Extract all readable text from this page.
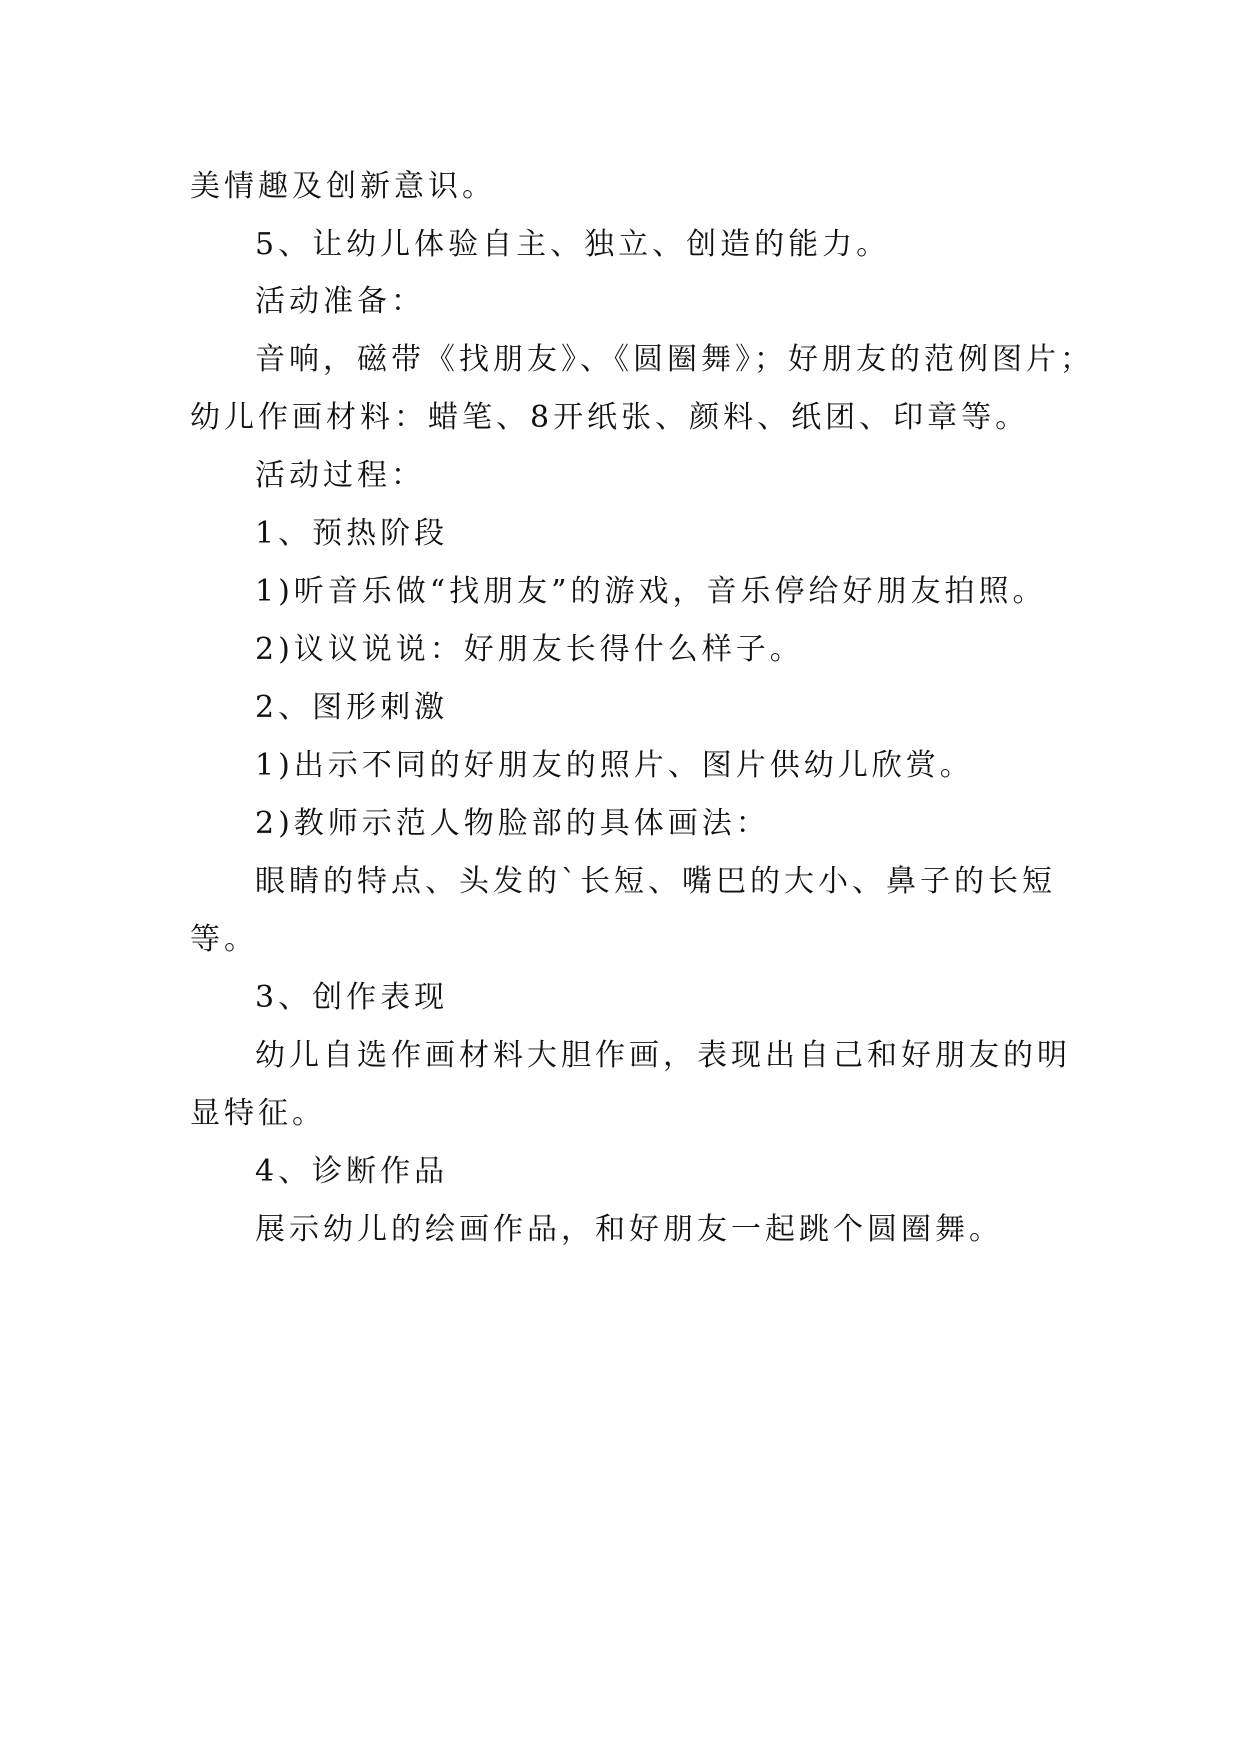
美情趣及创新意识。
5、让幼儿体验自主、独立、创造的能力。
活动准备：
音响，磁带《找朋友》、《圆圈舞》；好朋友的范例图片；
幼儿作画材料：蜡笔、8开纸张、颜料、纸团、印章等。
活动过程：
1、预热阶段
1)听音乐做“找朋友”的游戏，音乐停给好朋友拍照。
2)议议说说：好朋友长得什么样子。
2、图形刺激
1)出示不同的好朋友的照片、图片供幼儿欣赏。
2)教师示范人物脸部的具体画法：
眼睛的特点、头发的`长短、嘴巴的大小、鼻子的长短
等。
3、创作表现
幼儿自选作画材料大胆作画，表现出自己和好朋友的明
显特征。
4、诊断作品
展示幼儿的绘画作品，和好朋友一起跳个圆圈舞。
